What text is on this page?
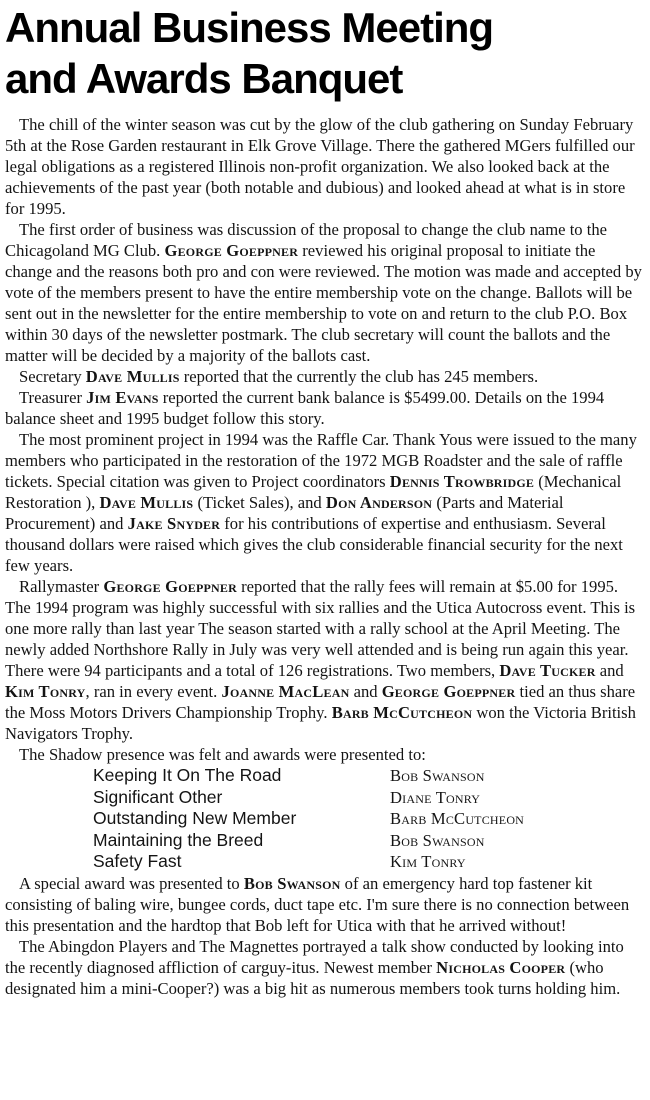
Annual Business Meeting
and Awards Banquet

The chill of the winter season was cut by the glow of the club gathering on Sunday February 5th at the Rose Garden restaurant in Elk Grove Village. There the gathered MGers fulfilled our legal obligations as a registered Illinois non-profit organization. We also looked back at the achievements of the past year (both notable and dubious) and looked ahead at what is in store for 1995.

The first order of business was discussion of the proposal to change the club name to the Chicagoland MG Club. George Goeppner reviewed his original proposal to initiate the change and the reasons both pro and con were reviewed. The motion was made and accepted by vote of the members present to have the entire membership vote on the change. Ballots will be sent out in the newsletter for the entire membership to vote on and return to the club P.O. Box within 30 days of the newsletter postmark. The club secretary will count the ballots and the matter will be decided by a majority of the ballots cast.

Secretary Dave Mullis reported that the currently the club has 245 members.

Treasurer Jim Evans reported the current bank balance is $5499.00. Details on the 1994 balance sheet and 1995 budget follow this story.

The most prominent project in 1994 was the Raffle Car. Thank Yous were issued to the many members who participated in the restoration of the 1972 MGB Roadster and the sale of raffle tickets. Special citation was given to Project coordinators Dennis Trowbridge (Mechanical Restoration ), Dave Mullis (Ticket Sales), and Don Anderson (Parts and Material Procurement) and Jake Snyder for his contributions of expertise and enthusiasm. Several thousand dollars were raised which gives the club considerable financial security for the next few years.

Rallymaster George Goeppner reported that the rally fees will remain at $5.00 for 1995. The 1994 program was highly successful with six rallies and the Utica Autocross event. This is one more rally than last year The season started with a rally school at the April Meeting. The newly added Northshore Rally in July was very well attended and is being run again this year. There were 94 participants and a total of 126 registrations. Two members, Dave Tucker and Kim Tonry, ran in every event. Joanne MacLean and George Goeppner tied an thus share the Moss Motors Drivers Championship Trophy. Barb McCutcheon won the Victoria British Navigators Trophy.

The Shadow presence was felt and awards were presented to:

Keeping It On The Road	Bob Swanson
Significant Other	Diane Tonry
Outstanding New Member	Barb McCutcheon
Maintaining the Breed	Bob Swanson
Safety Fast	Kim Tonry

A special award was presented to Bob Swanson of an emergency hard top fastener kit consisting of baling wire, bungee cords, duct tape etc. I'm sure there is no connection between this presentation and the hardtop that Bob left for Utica with that he arrived without!

The Abingdon Players and The Magnettes portrayed a talk show conducted by looking into the recently diagnosed affliction of carguy-itus. Newest member Nicholas Cooper (who designated him a mini-Cooper?) was a big hit as numerous members took turns holding him.
